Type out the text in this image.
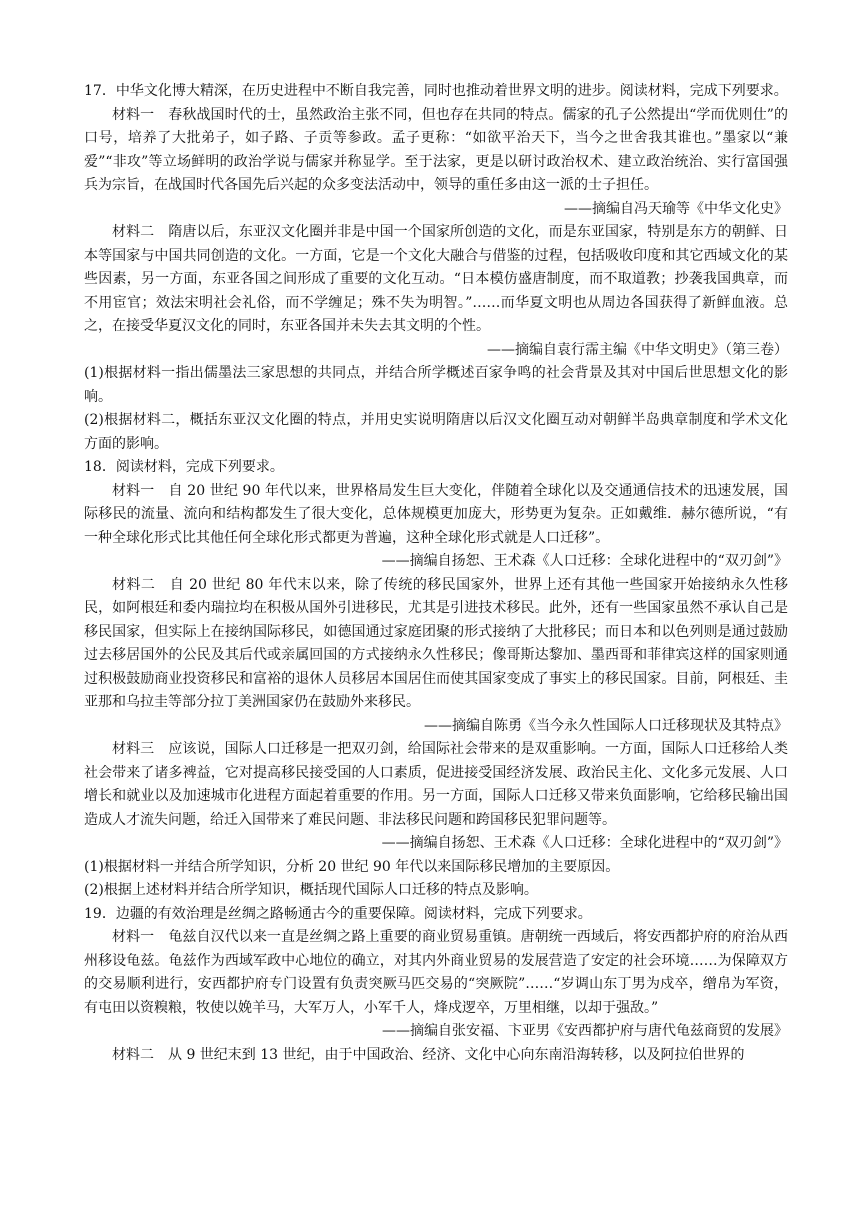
17．中华文化博大精深，在历史进程中不断自我完善，同时也推动着世界文明的进步。阅读材料，完成下列要求。

材料一　春秋战国时代的士，虽然政治主张不同，但也存在共同的特点。儒家的孔子公然提出“学而优则仕”的口号，培养了大批弟子，如子路、子贡等参政。孟子更称：“如欲平治天下，当今之世舍我其谁也。”墨家以“兼爱”“非攻”等立场鲜明的政治学说与儒家并称显学。至于法家，更是以研讨政治权术、建立政治统治、实行富国强兵为宗旨，在战国时代各国先后兴起的众多变法活动中，领导的重任多由这一派的士子担任。

——摘编自冯天瑜等《中华文化史》

材料二　隋唐以后，东亚汉文化圈并非是中国一个国家所创造的文化，而是东亚国家，特别是东方的朝鲜、日本等国家与中国共同创造的文化。一方面，它是一个文化大融合与借鉴的过程，包括吸收印度和其它西域文化的某些因素，另一方面，东亚各国之间形成了重要的文化互动。“日本模仿盛唐制度，而不取道教；抄袭我国典章，而不用宦官；效法宋明社会礼俗，而不学缠足；殊不失为明智。”……而华夏文明也从周边各国获得了新鲜血液。总之，在接受华夏汉文化的同时，东亚各国并未失去其文明的个性。

——摘编自袁行霈主编《中华文明史》（第三卷）

(1)根据材料一指出儒墨法三家思想的共同点，并结合所学概述百家争鸣的社会背景及其对中国后世思想文化的影响。

(2)根据材料二，概括东亚汉文化圈的特点，并用史实说明隋唐以后汉文化圈互动对朝鲜半岛典章制度和学术文化方面的影响。

18．阅读材料，完成下列要求。

材料一　自 20 世纪 90 年代以来，世界格局发生巨大变化，伴随着全球化以及交通通信技术的迅速发展，国际移民的流量、流向和结构都发生了很大变化，总体规模更加庞大，形势更为复杂。正如戴维．赫尔德所说，“有一种全球化形式比其他任何全球化形式都更为普遍，这种全球化形式就是人口迁移”。

——摘编自扬恕、王术森《人口迁移：全球化进程中的“双刃剑”》

材料二　自 20 世纪 80 年代末以来，除了传统的移民国家外，世界上还有其他一些国家开始接纳永久性移民，如阿根廷和委内瑞拉均在积极从国外引进移民，尤其是引进技术移民。此外，还有一些国家虽然不承认自己是移民国家，但实际上在接纳国际移民，如德国通过家庭团聚的形式接纳了大批移民；而日本和以色列则是通过鼓励过去移居国外的公民及其后代或亲属回国的方式接纳永久性移民；像哥斯达黎加、墨西哥和菲律宾这样的国家则通过积极鼓励商业投资移民和富裕的退休人员移居本国居住而使其国家变成了事实上的移民国家。目前，阿根廷、圭亚那和乌拉圭等部分拉丁美洲国家仍在鼓励外来移民。

——摘编自陈勇《当今永久性国际人口迁移现状及其特点》

材料三　应该说，国际人口迁移是一把双刃剑，给国际社会带来的是双重影响。一方面，国际人口迁移给人类社会带来了诸多裨益，它对提高移民接受国的人口素质，促进接受国经济发展、政治民主化、文化多元发展、人口增长和就业以及加速城市化进程方面起着重要的作用。另一方面，国际人口迁移又带来负面影响，它给移民输出国造成人才流失问题，给迁入国带来了难民问题、非法移民问题和跨国移民犯罪问题等。

——摘编自扬恕、王术森《人口迁移：全球化进程中的“双刃剑”》

(1)根据材料一并结合所学知识，分析 20 世纪 90 年代以来国际移民增加的主要原因。

(2)根据上述材料并结合所学知识，概括现代国际人口迁移的特点及影响。

19．边疆的有效治理是丝绸之路畅通古今的重要保障。阅读材料，完成下列要求。

材料一　龟兹自汉代以来一直是丝绸之路上重要的商业贸易重镇。唐朝统一西域后，将安西都护府的府治从西州移设龟兹。龟兹作为西域军政中心地位的确立，对其内外商业贸易的发展营造了安定的社会环境……为保障双方的交易顺利进行，安西都护府专门设置有负责突厥马匹交易的“突厥院”……“岁调山东丁男为戍卒，缯帛为军资，有屯田以资糗粮，牧使以娩羊马，大军万人，小军千人，烽戍逻卒，万里相继，以却于强敌。”

——摘编自张安福、卞亚男《安西都护府与唐代龟兹商贸的发展》

材料二　从 9 世纪末到 13 世纪，由于中国政治、经济、文化中心向东南沿海转移，以及阿拉伯世界的
